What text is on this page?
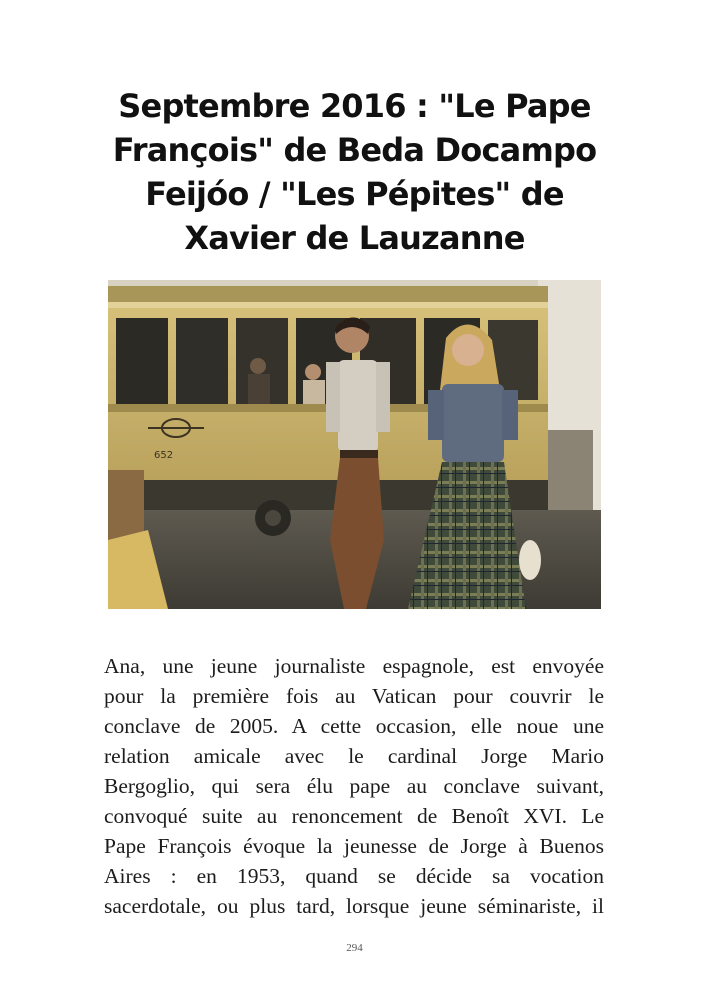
Septembre 2016 : "Le Pape
François" de Beda Docampo
Feijóo / "Les Pépites" de
Xavier de Lauzanne
652

Ana, une jeune journaliste espagnole, est envoyée
pour la première fois au Vatican pour couvrir le
conclave de 2005. A cette occasion, elle noue une
relation amicale avec le cardinal Jorge Mario
Bergoglio, qui sera élu pape au conclave suivant,
convoqué suite au renoncement de Benoît XVI. Le
Pape François évoque la jeunesse de Jorge à Buenos
Aires : en 1953, quand se décide sa vocation
sacerdotale, ou plus tard, lorsque jeune séminariste, il

294
